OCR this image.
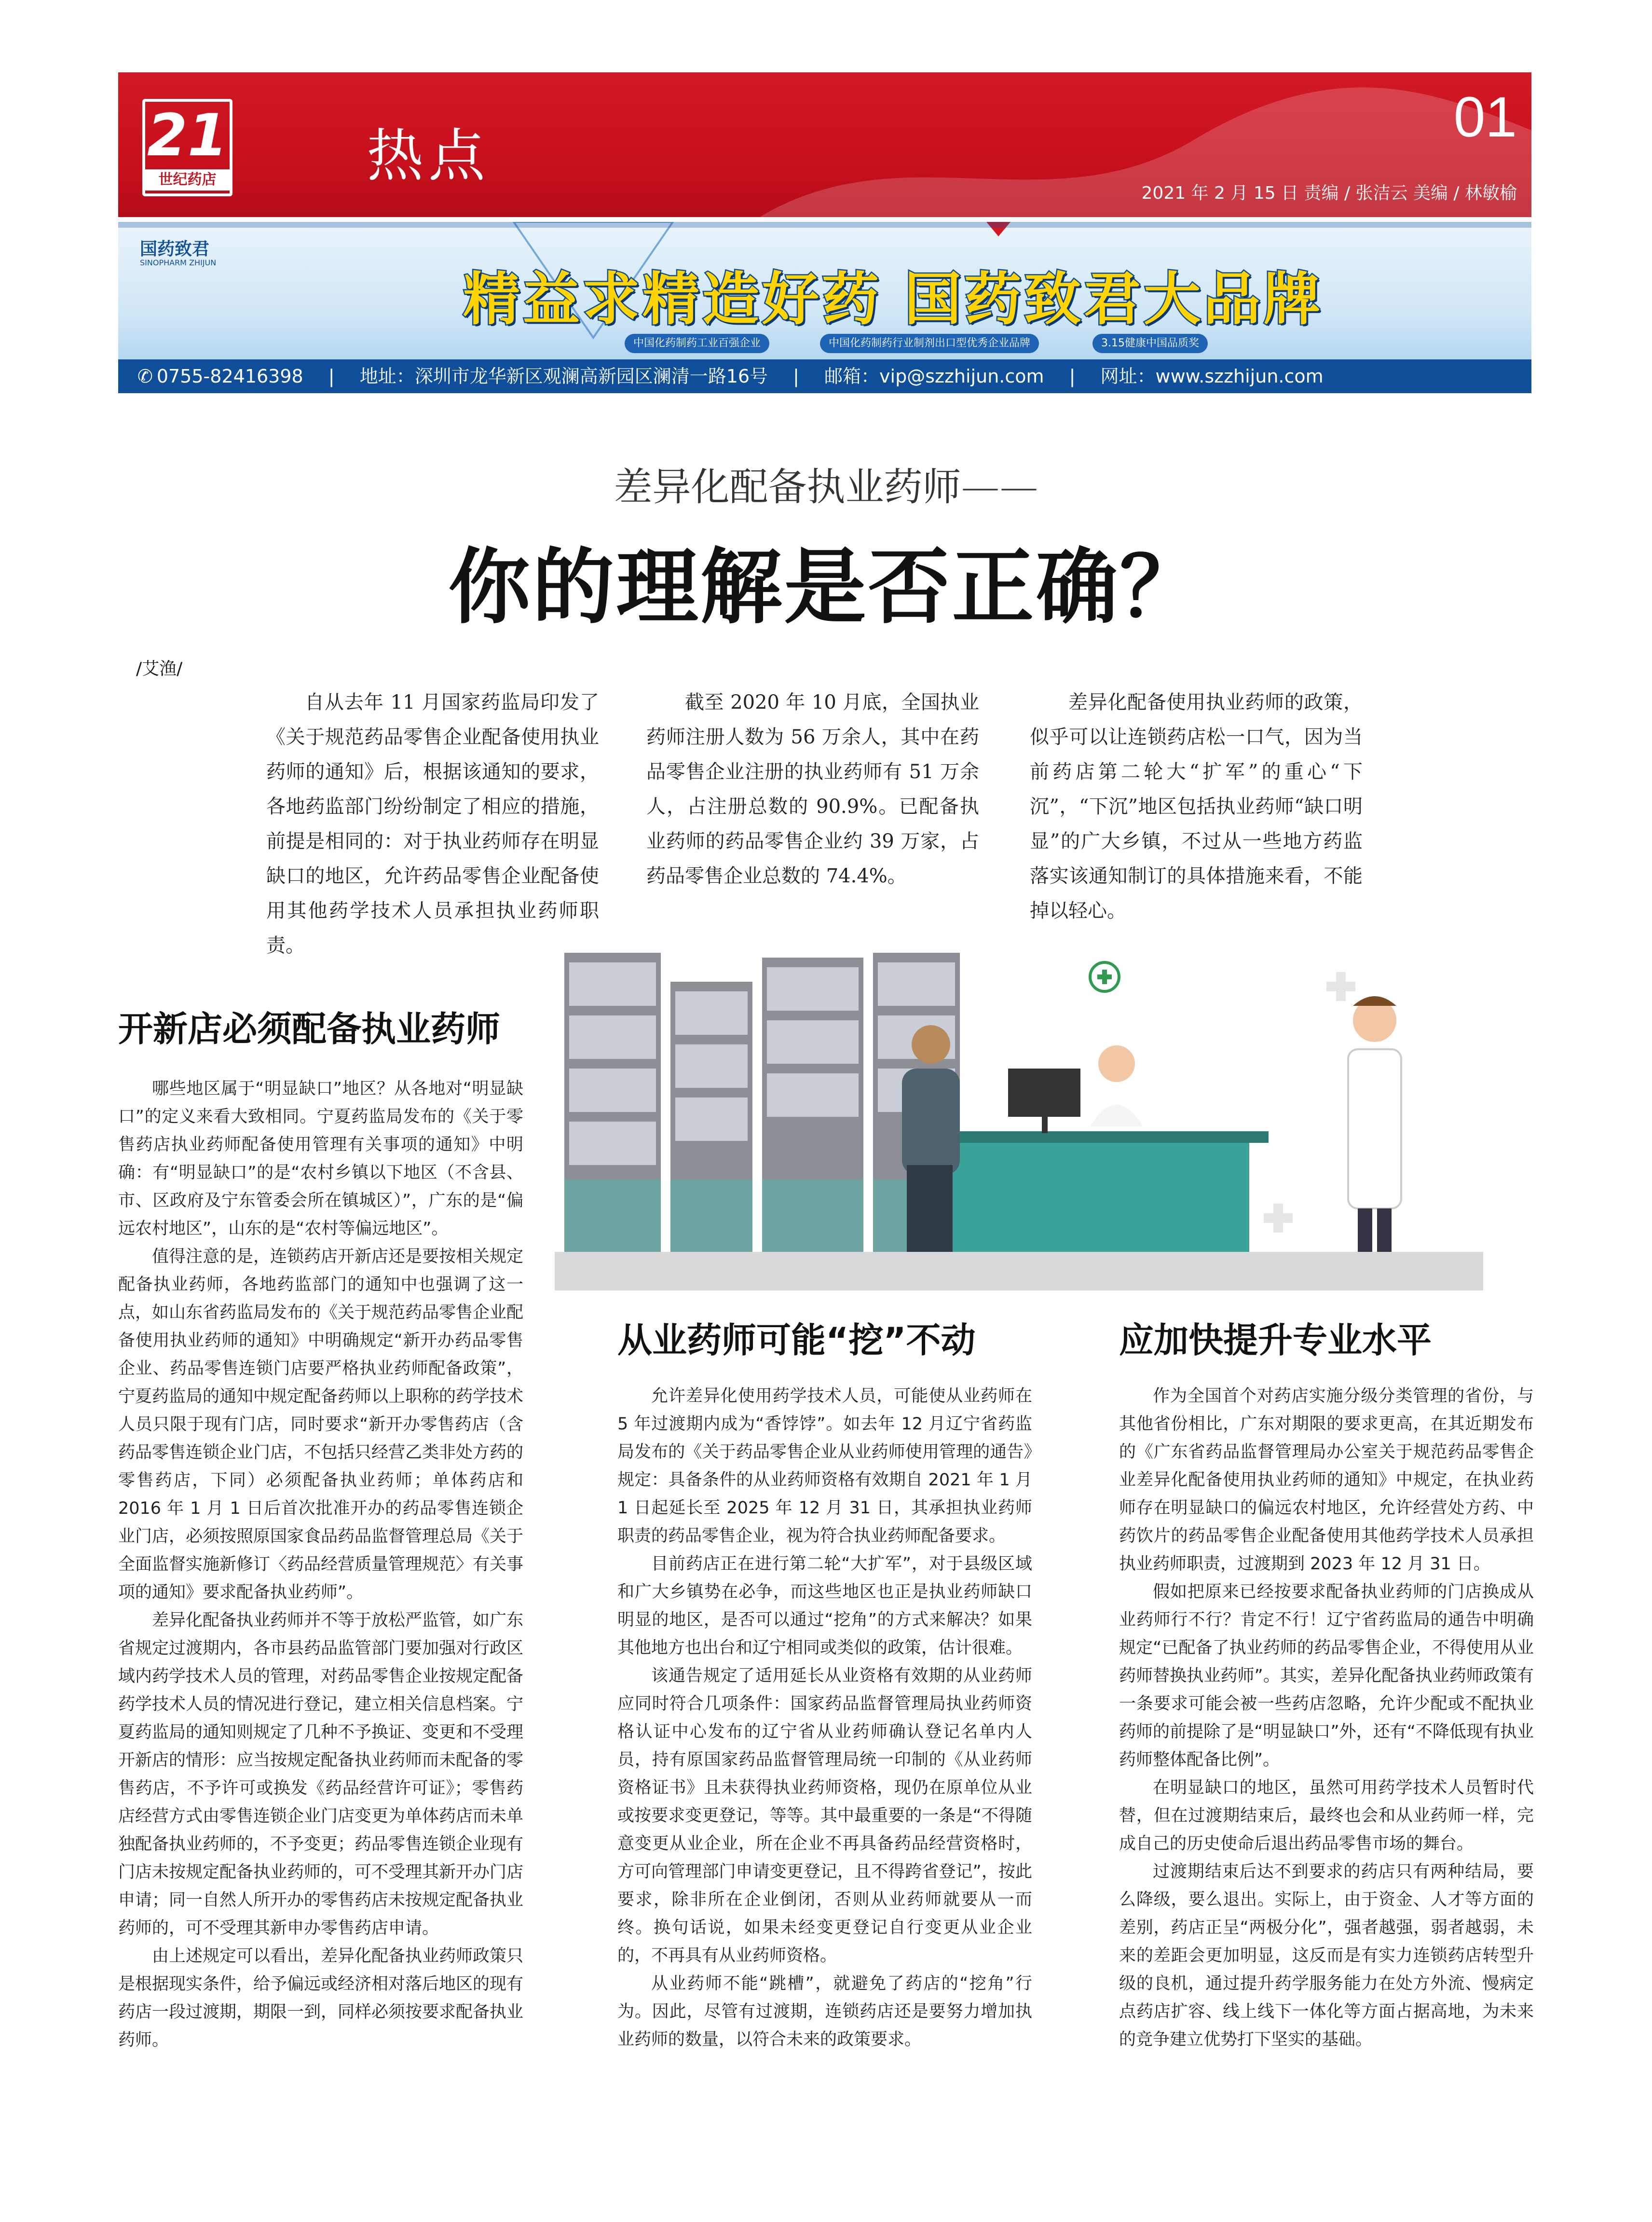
21
世纪药店	热点
01
2021 年 2 月 15 日 责编 / 张洁云 美编 / 林敏榆
国药致君
SINOPHARM ZHIJUN
精益求精造好药 国药致君大品牌
中国化药制药工业百强企业	中国化药制药行业制剂出口型优秀企业品牌	3.15健康中国品质奖
✆ 0755-82416398 | 地址：深圳市龙华新区观澜高新园区澜清一路16号 | 邮箱：vip@szzhijun.com | 网址：www.szzhijun.com
差异化配备执业药师——
你的理解是否正确？
/艾渔/
自从去年 11 月国家药监局印发了《关于规范药品零售企业配备使用执业药师的通知》后，根据该通知的要求，各地药监部门纷纷制定了相应的措施，前提是相同的：对于执业药师存在明显缺口的地区，允许药品零售企业配备使用其他药学技术人员承担执业药师职责。
截至 2020 年 10 月底，全国执业药师注册人数为 56 万余人，其中在药品零售企业注册的执业药师有 51 万余人，占注册总数的 90.9%。已配备执业药师的药品零售企业约 39 万家，占药品零售企业总数的 74.4%。
差异化配备使用执业药师的政策，似乎可以让连锁药店松一口气，因为当前药店第二轮大“扩军”的重心“下沉”，“下沉”地区包括执业药师“缺口明显”的广大乡镇，不过从一些地方药监落实该通知制订的具体措施来看，不能掉以轻心。
开新店必须配备执业药师

哪些地区属于“明显缺口”地区？从各地对“明显缺口”的定义来看大致相同。宁夏药监局发布的《关于零售药店执业药师配备使用管理有关事项的通知》中明确：有“明显缺口”的是“农村乡镇以下地区（不含县、市、区政府及宁东管委会所在镇城区）”，广东的是“偏远农村地区”，山东的是“农村等偏远地区”。

值得注意的是，连锁药店开新店还是要按相关规定配备执业药师，各地药监部门的通知中也强调了这一点，如山东省药监局发布的《关于规范药品零售企业配备使用执业药师的通知》中明确规定“新开办药品零售企业、药品零售连锁门店要严格执业药师配备政策”，宁夏药监局的通知中规定配备药师以上职称的药学技术人员只限于现有门店，同时要求“新开办零售药店（含药品零售连锁企业门店，不包括只经营乙类非处方药的零售药店，下同）必须配备执业药师；单体药店和 2016 年 1 月 1 日后首次批准开办的药品零售连锁企业门店，必须按照原国家食品药品监督管理总局《关于全面监督实施新修订〈药品经营质量管理规范〉有关事项的通知》要求配备执业药师”。

差异化配备执业药师并不等于放松严监管，如广东省规定过渡期内，各市县药品监管部门要加强对行政区域内药学技术人员的管理，对药品零售企业按规定配备药学技术人员的情况进行登记，建立相关信息档案。宁夏药监局的通知则规定了几种不予换证、变更和不受理开新店的情形：应当按规定配备执业药师而未配备的零售药店，不予许可或换发《药品经营许可证》；零售药店经营方式由零售连锁企业门店变更为单体药店而未单独配备执业药师的，不予变更；药品零售连锁企业现有门店未按规定配备执业药师的，可不受理其新开办门店申请；同一自然人所开办的零售药店未按规定配备执业药师的，可不受理其新申办零售药店申请。

由上述规定可以看出，差异化配备执业药师政策只是根据现实条件，给予偏远或经济相对落后地区的现有药店一段过渡期，期限一到，同样必须按要求配备执业药师。

从业药师可能“挖”不动

允许差异化使用药学技术人员，可能使从业药师在 5 年过渡期内成为“香饽饽”。如去年 12 月辽宁省药监局发布的《关于药品零售企业从业药师使用管理的通告》规定：具备条件的从业药师资格有效期自 2021 年 1 月 1 日起延长至 2025 年 12 月 31 日，其承担执业药师职责的药品零售企业，视为符合执业药师配备要求。

目前药店正在进行第二轮“大扩军”，对于县级区域和广大乡镇势在必争，而这些地区也正是执业药师缺口明显的地区，是否可以通过“挖角”的方式来解决？如果其他地方也出台和辽宁相同或类似的政策，估计很难。

该通告规定了适用延长从业资格有效期的从业药师应同时符合几项条件：国家药品监督管理局执业药师资格认证中心发布的辽宁省从业药师确认登记名单内人员，持有原国家药品监督管理局统一印制的《从业药师资格证书》且未获得执业药师资格，现仍在原单位从业或按要求变更登记，等等。其中最重要的一条是“不得随意变更从业企业，所在企业不再具备药品经营资格时，方可向管理部门申请变更登记，且不得跨省登记”，按此要求，除非所在企业倒闭，否则从业药师就要从一而终。换句话说，如果未经变更登记自行变更从业企业的，不再具有从业药师资格。

从业药师不能“跳槽”，就避免了药店的“挖角”行为。因此，尽管有过渡期，连锁药店还是要努力增加执业药师的数量，以符合未来的政策要求。

应加快提升专业水平

作为全国首个对药店实施分级分类管理的省份，与其他省份相比，广东对期限的要求更高，在其近期发布的《广东省药品监督管理局办公室关于规范药品零售企业差异化配备使用执业药师的通知》中规定，在执业药师存在明显缺口的偏远农村地区，允许经营处方药、中药饮片的药品零售企业配备使用其他药学技术人员承担执业药师职责，过渡期到 2023 年 12 月 31 日。

假如把原来已经按要求配备执业药师的门店换成从业药师行不行？肯定不行！辽宁省药监局的通告中明确规定“已配备了执业药师的药品零售企业，不得使用从业药师替换执业药师”。其实，差异化配备执业药师政策有一条要求可能会被一些药店忽略，允许少配或不配执业药师的前提除了是“明显缺口”外，还有“不降低现有执业药师整体配备比例”。

在明显缺口的地区，虽然可用药学技术人员暂时代替，但在过渡期结束后，最终也会和从业药师一样，完成自己的历史使命后退出药品零售市场的舞台。

过渡期结束后达不到要求的药店只有两种结局，要么降级，要么退出。实际上，由于资金、人才等方面的差别，药店正呈“两极分化”，强者越强，弱者越弱，未来的差距会更加明显，这反而是有实力连锁药店转型升级的良机，通过提升药学服务能力在处方外流、慢病定点药店扩容、线上线下一体化等方面占据高地，为未来的竞争建立优势打下坚实的基础。
